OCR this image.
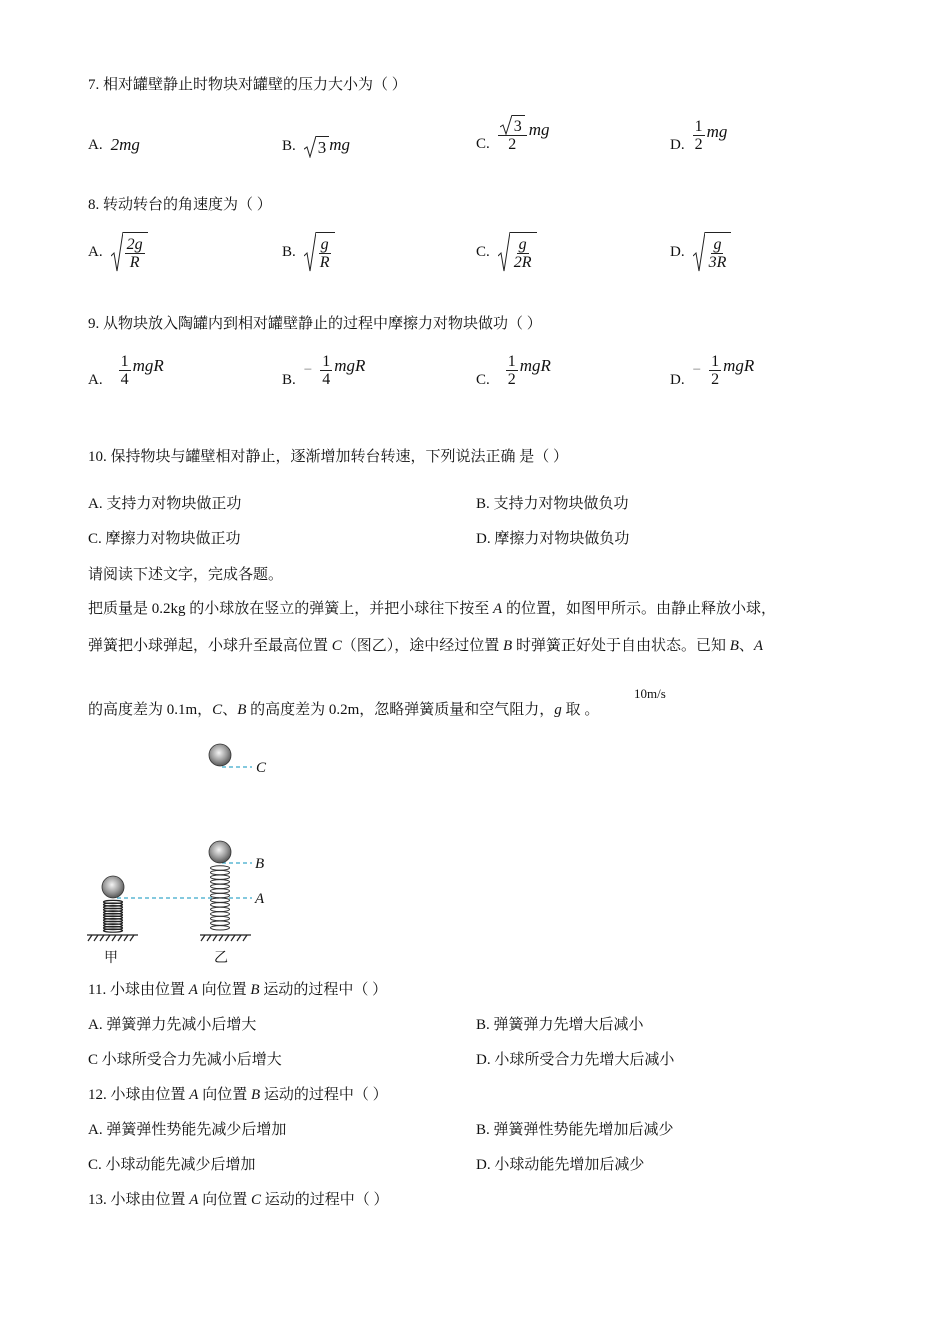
7. 相对罐壁静止时物块对罐壁的压力大小为（ ）
A. 2mg	B. 3 mg	C. $\frac{3}{2}$ mg
D. $\frac{1}{2}$ mg
8. 转动转台的角速度为（ ）
A. $\frac{2g}{R}$	B. $\frac{g}{R}$	C. $\frac{g}{2R}$	D. $\frac{g}{3R}$
9. 从物块放入陶罐内到相对罐壁静止的过程中摩擦力对物块做功（ ）
A. $\frac{1}{4}$ mgR
B.
− $\frac{1}{4}$ mgR
C. $\frac{1}{2}$ mgR
D.
− $\frac{1}{2}$ mgR
10. 保持物块与罐壁相对静止，逐渐增加转台转速，下列说法正确 是（ ）
A. 支持力对物块做正功	B. 支持力对物块做负功
C. 摩擦力对物块做正功	D. 摩擦力对物块做负功
请阅读下述文字，完成各题。
把质量是 0.2kg 的小球放在竖立的弹簧上，并把小球往下按至 A 的位置，如图甲所示。由静止释放小球，
弹簧把小球弹起，小球升至最高位置 C（图乙），途中经过位置 B 时弹簧正好处于自由状态。已知 B、A
的高度差为 0.1m，C、B 的高度差为 0.2m，忽略弹簧质量和空气阻力，g 取 。
10m/s
C
B
A
甲	乙
11. 小球由位置 A 向位置 B 运动的过程中（ ）
A. 弹簧弹力先减小后增大	B. 弹簧弹力先增大后减小
C 小球所受合力先减小后增大	D. 小球所受合力先增大后减小
12. 小球由位置 A 向位置 B 运动的过程中（ ）
A. 弹簧弹性势能先减少后增加	B. 弹簧弹性势能先增加后减少
C. 小球动能先减少后增加	D. 小球动能先增加后减少
13. 小球由位置 A 向位置 C 运动的过程中（ ）
